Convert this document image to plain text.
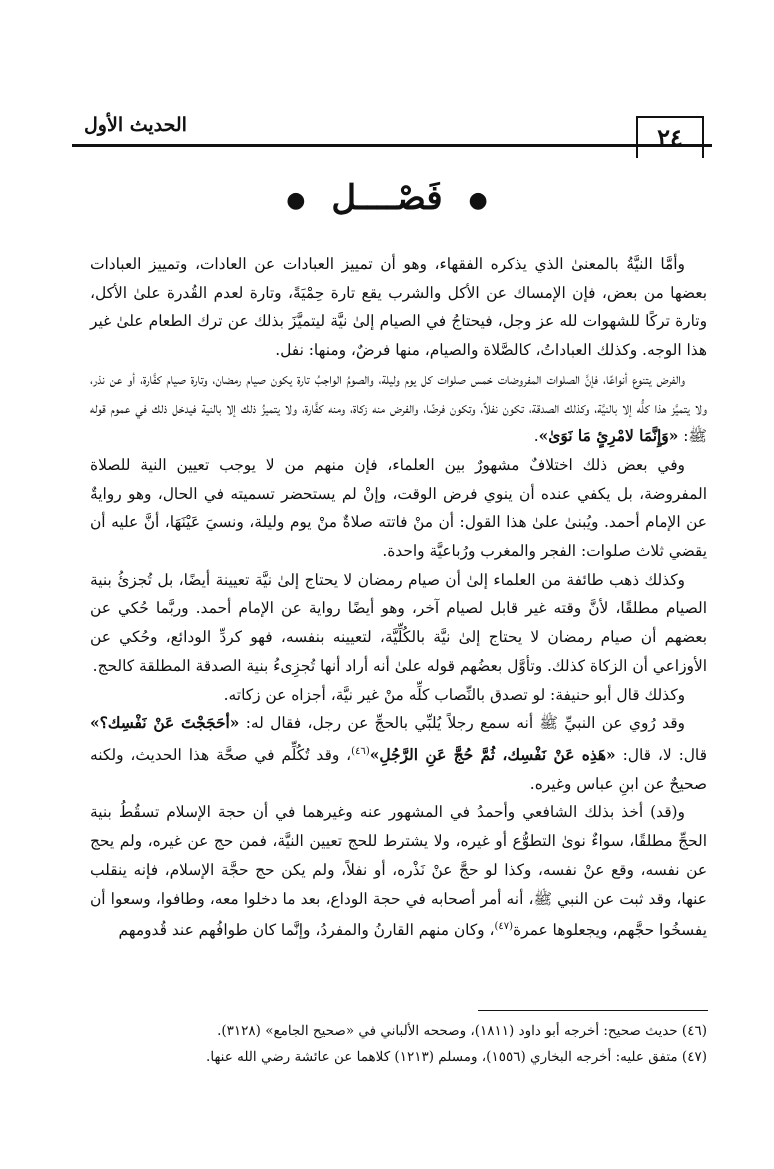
٢٤
الحديث الأول
● فَصْــــل ●

وأمَّا النيَّةُ بالمعنىٰ الذي يذكره الفقهاء، وهو أن تمييز العبادات عن العادات، وتمييز العبادات بعضها من بعض، فإن الإمساك عن الأكل والشرب يقع تارة حِمْيَةً، وتارة لعدم القُدرة علىٰ الأكل، وتارة تركًا للشهوات لله عز وجل، فيحتاجُ في الصيام إلىٰ نيَّة ليتميَّزَ بذلك عن ترك الطعام علىٰ غير هذا الوجه. وكذلك العباداتُ، كالصَّلاة والصيام، منها فرضٌ، ومنها: نفل.

والفرض يتنوع أنواعًا، فإنَّ الصلوات المفروضات خمس صلوات كل يوم وليلة، والصومُ الواجبُ تارة يكون صيام رمضان، وتارة صيام كفَّارة، أو عن نذر، ولا يتميَّز هذا كلُّه إلا بالنيَّة، وكذلك الصدقة، تكون نفلاً، وتكون فرضًا، والفرض منه زكاة، ومنه كفَّارة، ولا يتميزُ ذلك إلا بالنية فيدخل ذلك في عموم قوله ﷺ: «وَإِنَّمَا لامْرِئٍ مَا نَوَىٰ».

وفي بعض ذلك اختلافٌ مشهورٌ بين العلماء، فإن منهم من لا يوجب تعيين النية للصلاة المفروضة، بل يكفي عنده أن ينوي فرض الوقت، وإنْ لم يستحضر تسميته في الحال، وهو روايةٌ عن الإمام أحمد. ويُبنىٰ علىٰ هذا القول: أن منْ فاتته صلاةٌ منْ يوم وليلة، ونسيَ عَيْنَهَا، أنَّ عليه أن يقضي ثلاث صلوات: الفجر والمغرب ورُباعيَّة واحدة.

وكذلك ذهب طائفة من العلماء إلىٰ أن صيام رمضان لا يحتاج إلىٰ نيَّة تعيينة أيضًا، بل تُجزئُ بنية الصيام مطلقًا، لأنَّ وقته غير قابل لصيام آخر، وهو أيضًا رواية عن الإمام أحمد. وربَّما حُكي عن بعضهم أن صيام رمضان لا يحتاج إلىٰ نيَّة بالكُلِّيَّة، لتعيينه بنفسه، فهو كردِّ الودائع، وحُكي عن الأوزاعي أن الزكاة كذلك. وتأوَّل بعضُهم قوله علىٰ أنه أراد أنها تُجزِىءُ بنية الصدقة المطلقة كالحج.

وكذلك قال أبو حنيفة: لو تصدق بالنِّصاب كلِّه منْ غير نيَّة، أجزاه عن زكاته.

وقد رُوي عن النبيِّ ﷺ أنه سمع رجلاً يُلبِّي بالحجِّ عن رجل، فقال له: «أحَجَجْتَ عَنْ نَفْسِك؟» قال: لا، قال: «هَذِه عَنْ نَفْسِك، ثُمَّ حُجَّ عَنِ الرَّجُلِ»$^{(٤٦)}$، وقد تُكُلِّم في صحَّة هذا الحديث، ولكنه صحيحٌ عن ابنِ عباس وغيره.

و(قد) أخذ بذلك الشافعي وأحمدُ في المشهور عنه وغيرهما في أن حجة الإسلام تسقُطُ بنية الحجِّ مطلقًا، سواءٌ نوىٰ التطوُّع أو غيره، ولا يشترط للحج تعيين النيَّة، فمن حج عن غيره، ولم يحج عن نفسه، وقع عنْ نفسه، وكذا لو حجَّ عنْ نَذْره، أو نفلاً، ولم يكن حج حجَّة الإسلام، فإنه ينقلب عنها، وقد ثبت عن النبي ﷺ، أنه أمر أصحابه في حجة الوداع، بعد ما دخلوا معه، وطافوا، وسعوا أن يفسخُوا حجَّهم، ويجعلوها عمرة$^{(٤٧)}$، وكان منهم القارنُ والمفردُ، وإنَّما كان طوافُهم عند قُدومهم

(٤٦) حديث صحيح: أخرجه أبو داود (١٨١١)، وصححه الألباني في «صحيح الجامع» (٣١٢٨).
(٤٧) متفق عليه: أخرجه البخاري (١٥٥٦)، ومسلم (١٢١٣) كلاهما عن عائشة رضي الله عنها.
